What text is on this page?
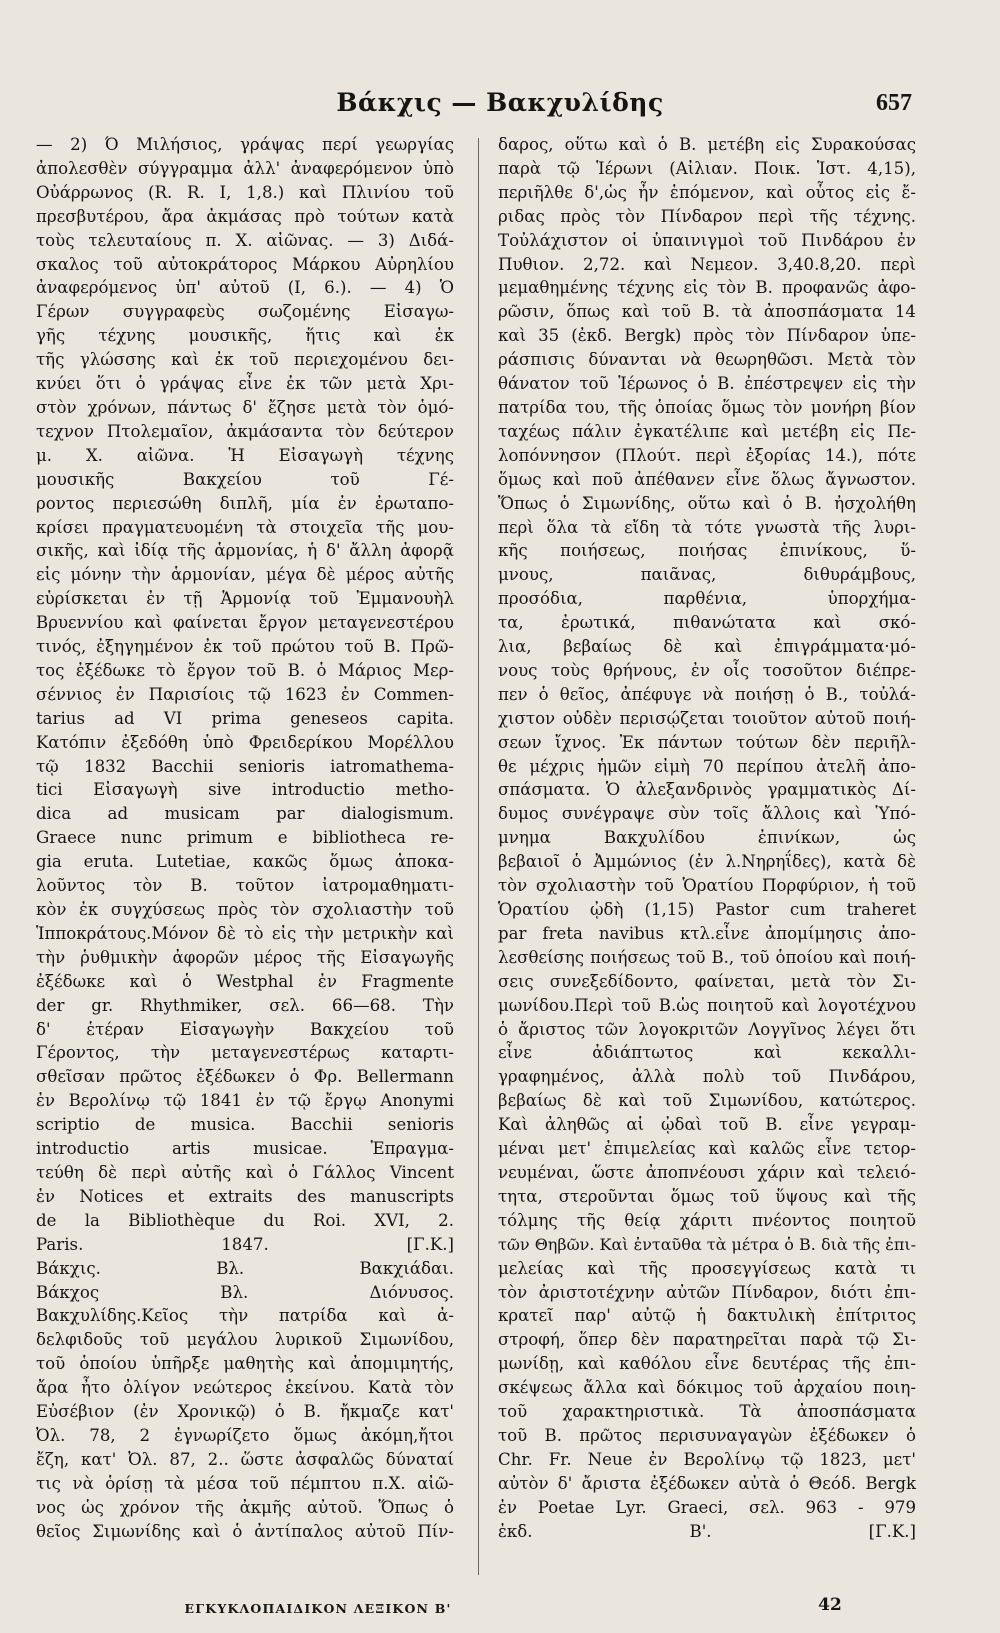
Βάκχις — Βακχυλίδης	657
— 2) Ό Μιλήσιος, γράψας περί γεωργίας
ἀπολεσθὲν σύγγραμμα ἀλλ' ἀναφερόμενον ὑπὸ
Οὐάρρωνος (R. R. I, 1,8.) καὶ Πλινίου τοῦ
πρεσβυτέρου, ἄρα ἀκμάσας πρὸ τούτων κατὰ
τοὺς τελευταίους π. Χ. αἰῶνας. — 3) Διδά-
σκαλος τοῦ αὐτοκράτορος Μάρκου Αὐρηλίου
ἀναφερόμενος ὑπ' αὐτοῦ (I, 6.). — 4) Ὁ
Γέρων συγγραφεὺς σωζομένης Εἰσαγω-
γῆς τέχνης μουσικῆς, ἥτις καὶ ἐκ
τῆς γλώσσης καὶ ἐκ τοῦ περιεχομένου δει-
κνύει ὅτι ὁ γράψας εἶνε ἐκ τῶν μετὰ Χρι-
στὸν χρόνων, πάντως δ' ἔζησε μετὰ τὸν ὁμό-
τεχνον Πτολεμαῖον, ἀκμάσαντα τὸν δεύτερον
μ. Χ. αἰῶνα. Ἡ Εἰσαγωγὴ τέχνης
μουσικῆς Βακχείου τοῦ Γέ-
ροντος περιεσώθη διπλῆ, μία ἐν ἐρωταπο-
κρίσει πραγματευομένη τὰ στοιχεῖα τῆς μου-
σικῆς, καὶ ἰδίᾳ τῆς ἁρμονίας, ἡ δ' ἄλλη ἀφορᾷ
εἰς μόνην τὴν ἁρμονίαν, μέγα δὲ μέρος αὐτῆς
εὑρίσκεται ἐν τῇ Ἁρμονίᾳ τοῦ Ἐμμανουὴλ
Βρυεννίου καὶ φαίνεται ἔργον μεταγενεστέρου
τινός, ἐξηγημένον ἐκ τοῦ πρώτου τοῦ Β. Πρῶ-
τος ἐξέδωκε τὸ ἔργον τοῦ Β. ὁ Μάριος Μερ-
σέννιος ἐν Παρισίοις τῷ 1623 ἐν Commen-
tarius ad VI prima geneseos capita.
Κατόπιν ἐξεδόθη ὑπὸ Φρειδερίκου Μορέλλου
τῷ 1832 Bacchii senioris iatromathema-
tici Εἰσαγωγὴ sive introductio metho-
dica ad musicam par dialogismum.
Graece nunc primum e bibliotheca re-
gia eruta. Lutetiae, κακῶς ὅμως ἀποκα-
λοῦντος τὸν Β. τοῦτον ἰατρομαθηματι-
κὸν ἐκ συγχύσεως πρὸς τὸν σχολιαστὴν τοῦ
Ἱπποκράτους.Μόνον δὲ τὸ εἰς τὴν μετρικὴν καὶ
τὴν ῥυθμικὴν ἀφορῶν μέρος τῆς Εἰσαγωγῆς
ἐξέδωκε καὶ ὁ Westphal ἐν Fragmente
der gr. Rhythmiker, σελ. 66—68. Τὴν
δ' ἑτέραν Εἰσαγωγὴν Βακχείου τοῦ
Γέροντος, τὴν μεταγενεστέρως καταρτι-
σθεῖσαν πρῶτος ἐξέδωκεν ὁ Φρ. Bellermann
ἐν Βερολίνῳ τῷ 1841 ἐν τῷ ἔργῳ Anonymi
scriptio de musica. Bacchii senioris
introductio artis musicae. Ἐπραγμα-
τεύθη δὲ περὶ αὐτῆς καὶ ὁ Γάλλος Vincent
ἐν Notices et extraits des manuscripts
de la Bibliothèque du Roi. XVI, 2.
Paris. 1847. [Γ.Κ.]
Βάκχις. Βλ. Βακχιάδαι.
Βάκχος Βλ. Διόνυσος.
Βακχυλίδης.Κεῖος τὴν πατρίδα καὶ ἀ-
δελφιδοῦς τοῦ μεγάλου λυρικοῦ Σιμωνίδου,
τοῦ ὁποίου ὑπῆρξε μαθητὴς καὶ ἀπομιμητής,
ἄρα ἦτο ὀλίγον νεώτερος ἐκείνου. Κατὰ τὸν
Εὐσέβιον (ἐν Χρονικῷ) ὁ Β. ἤκμαζε κατ'
Ὀλ. 78, 2 ἐγνωρίζετο ὅμως ἀκόμη,ἤτοι
ἔζη, κατ' Ὀλ. 87, 2.. ὥστε ἀσφαλῶς δύναταί
τις νὰ ὁρίσῃ τὰ μέσα τοῦ πέμπτου π.Χ. αἰῶ-
νος ὡς χρόνον τῆς ἀκμῆς αὐτοῦ. Ὅπως ὁ
θεῖος Σιμωνίδης καὶ ὁ ἀντίπαλος αὐτοῦ Πίν-
δαρος, οὕτω καὶ ὁ Β. μετέβη εἰς Συρακούσας
παρὰ τῷ Ἱέρωνι (Αἰλιαν. Ποικ. Ἱστ. 4,15),
περιῆλθε δ',ὡς ἦν ἑπόμενον, καὶ οὗτος εἰς ἔ-
ριδας πρὸς τὸν Πίνδαρον περὶ τῆς τέχνης.
Τοὐλάχιστον οἱ ὑπαινιγμοὶ τοῦ Πινδάρου ἐν
Πυθιον. 2,72. καὶ Νεμεον. 3,40.8,20. περὶ
μεμαθημένης τέχνης εἰς τὸν Β. προφανῶς ἀφο-
ρῶσιν, ὅπως καὶ τοῦ Β. τὰ ἀποσπάσματα 14
καὶ 35 (ἐκδ. Bergk) πρὸς τὸν Πίνδαρον ὑπε-
ράσπισις δύνανται νὰ θεωρηθῶσι. Μετὰ τὸν
θάνατον τοῦ Ἱέρωνος ὁ Β. ἐπέστρεψεν εἰς τὴν
πατρίδα του, τῆς ὁποίας ὅμως τὸν μονήρη βίον
ταχέως πάλιν ἐγκατέλιπε καὶ μετέβη εἰς Πε-
λοπόννησον (Πλούτ. περὶ ἐξορίας 14.), πότε
ὅμως καὶ ποῦ ἀπέθανεν εἶνε ὅλως ἄγνωστον.
Ὅπως ὁ Σιμωνίδης, οὕτω καὶ ὁ Β. ἠσχολήθη
περὶ ὅλα τὰ εἴδη τὰ τότε γνωστὰ τῆς λυρι-
κῆς ποιήσεως, ποιήσας ἐπινίκους, ὕ-
μνους, παιᾶνας, διθυράμβους,
προσόδια, παρθένια, ὑπορχήμα-
τα, ἐρωτικά, πιθανώτατα καὶ σκό-
λια, βεβαίως δὲ καὶ ἐπιγράμματα·μό-
νους τοὺς θρήνους, ἐν οἷς τοσοῦτον διέπρε-
πεν ὁ θεῖος, ἀπέφυγε νὰ ποιήσῃ ὁ Β., τοὐλά-
χιστον οὐδὲν περισῴζεται τοιοῦτον αὐτοῦ ποιή-
σεων ἴχνος. Ἐκ πάντων τούτων δὲν περιῆλ-
θε μέχρις ἡμῶν εἰμὴ 70 περίπου ἀτελῆ ἀπο-
σπάσματα. Ὁ ἀλεξανδρινὸς γραμματικὸς Δί-
δυμος συνέγραψε σὺν τοῖς ἄλλοις καὶ Ὑπό-
μνημα Βακχυλίδου ἐπινίκων, ὡς
βεβαιοῖ ὁ Ἀμμώνιος (ἐν λ.Νηρηΐδες), κατὰ δὲ
τὸν σχολιαστὴν τοῦ Ὁρατίου Πορφύριον, ἡ τοῦ
Ὁρατίου ᾠδὴ (1,15) Pastor cum traheret
par freta navibus κτλ.εἶνε ἀπομίμησις ἀπο-
λεσθείσης ποιήσεως τοῦ Β., τοῦ ὁποίου καὶ ποιή-
σεις συνεξεδίδοντο, φαίνεται, μετὰ τὸν Σι-
μωνίδου.Περὶ τοῦ Β.ὡς ποιητοῦ καὶ λογοτέχνου
ὁ ἄριστος τῶν λογοκριτῶν Λογγῖνος λέγει ὅτι
εἶνε ἀδιάπτωτος καὶ κεκαλλι-
γραφημένος, ἀλλὰ πολὺ τοῦ Πινδάρου,
βεβαίως δὲ καὶ τοῦ Σιμωνίδου, κατώτερος.
Καὶ ἀληθῶς αἱ ᾠδαὶ τοῦ Β. εἶνε γεγραμ-
μέναι μετ' ἐπιμελείας καὶ καλῶς εἶνε τετορ-
νευμέναι, ὥστε ἀποπνέουσι χάριν καὶ τελειό-
τητα, στεροῦνται ὅμως τοῦ ὕψους καὶ τῆς
τόλμης τῆς θείᾳ χάριτι πνέοντος ποιητοῦ
τῶν Θηβῶν. Καὶ ἐνταῦθα τὰ μέτρα ὁ Β. διὰ τῆς ἐπι-
μελείας καὶ τῆς προσεγγίσεως κατὰ τι
τὸν ἀριστοτέχνην αὐτῶν Πίνδαρον, διότι ἐπι-
κρατεῖ παρ' αὐτῷ ἡ δακτυλικὴ ἐπίτριτος
στροφή, ὅπερ δὲν παρατηρεῖται παρὰ τῷ Σι-
μωνίδῃ, καὶ καθόλου εἶνε δευτέρας τῆς ἐπι-
σκέψεως ἄλλα καὶ δόκιμος τοῦ ἀρχαίου ποιη-
τοῦ χαρακτηριστικὰ. Τὰ ἀποσπάσματα
τοῦ Β. πρῶτος περισυναγαγὼν ἐξέδωκεν ὁ
Chr. Fr. Neue ἐν Βερολίνῳ τῷ 1823, μετ'
αὐτὸν δ' ἄριστα ἐξέδωκεν αὐτὰ ὁ Θεόδ. Bergk
ἐν Poetae Lyr. Graeci, σελ. 963 - 979
ἐκδ. Β'. [Γ.Κ.]
ΕΓΚΥΚΛΟΠΑΙΔΙΚΟΝ ΛΕΞΙΚΟΝ Β'	42
